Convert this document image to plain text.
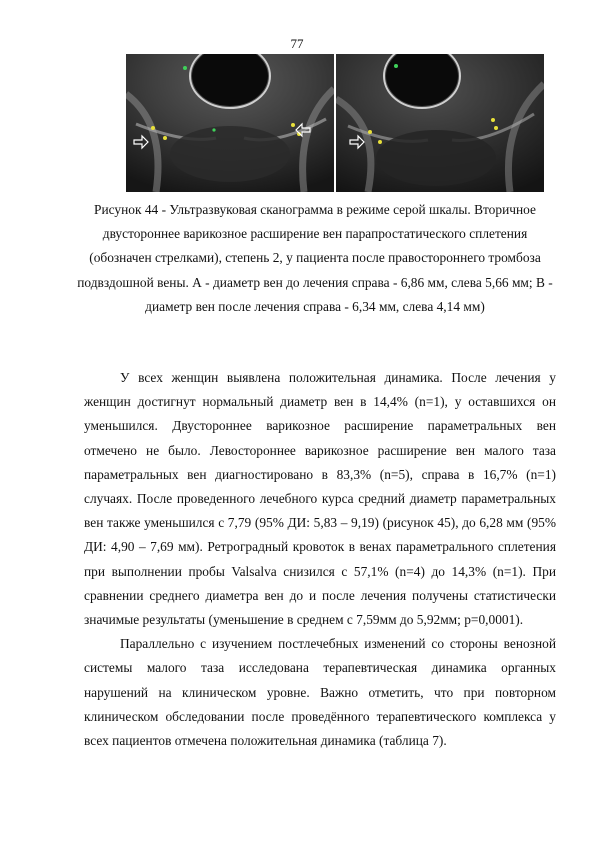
77
Рисунок 44 - Ультразвуковая сканограмма в режиме серой шкалы. Вторичное двустороннее варикозное расширение вен парапростатического сплетения (обозначен стрелками), степень 2, у пациента после правостороннего тромбоза подвздошной вены. А - диаметр вен до лечения справа - 6,86 мм, слева 5,66 мм; В - диаметр вен после лечения справа - 6,34 мм, слева 4,14 мм)

У всех женщин выявлена положительная динамика. После лечения у женщин достигнут нормальный диаметр вен в 14,4% (n=1), у оставшихся он уменьшился. Двустороннее варикозное расширение параметральных вен отмечено не было. Левостороннее варикозное расширение вен малого таза параметральных вен диагностировано в 83,3% (n=5), справа в 16,7% (n=1) случаях. После проведенного лечебного курса средний диаметр параметральных вен также уменьшился с 7,79 (95% ДИ: 5,83 – 9,19) (рисунок 45), до 6,28 мм (95% ДИ: 4,90 – 7,69 мм). Ретроградный кровоток в венах параметрального сплетения при выполнении пробы Valsalva снизился с 57,1% (n=4) до 14,3% (n=1). При сравнении среднего диаметра вен до и после лечения получены статистически значимые результаты (уменьшение в среднем с 7,59мм до 5,92мм; p=0,0001).

Параллельно с изучением постлечебных изменений со стороны венозной системы малого таза исследована терапевтическая динамика органных нарушений на клиническом уровне. Важно отметить, что при повторном клиническом обследовании после проведённого терапевтического комплекса у всех пациентов отмечена положительная динамика (таблица 7).
